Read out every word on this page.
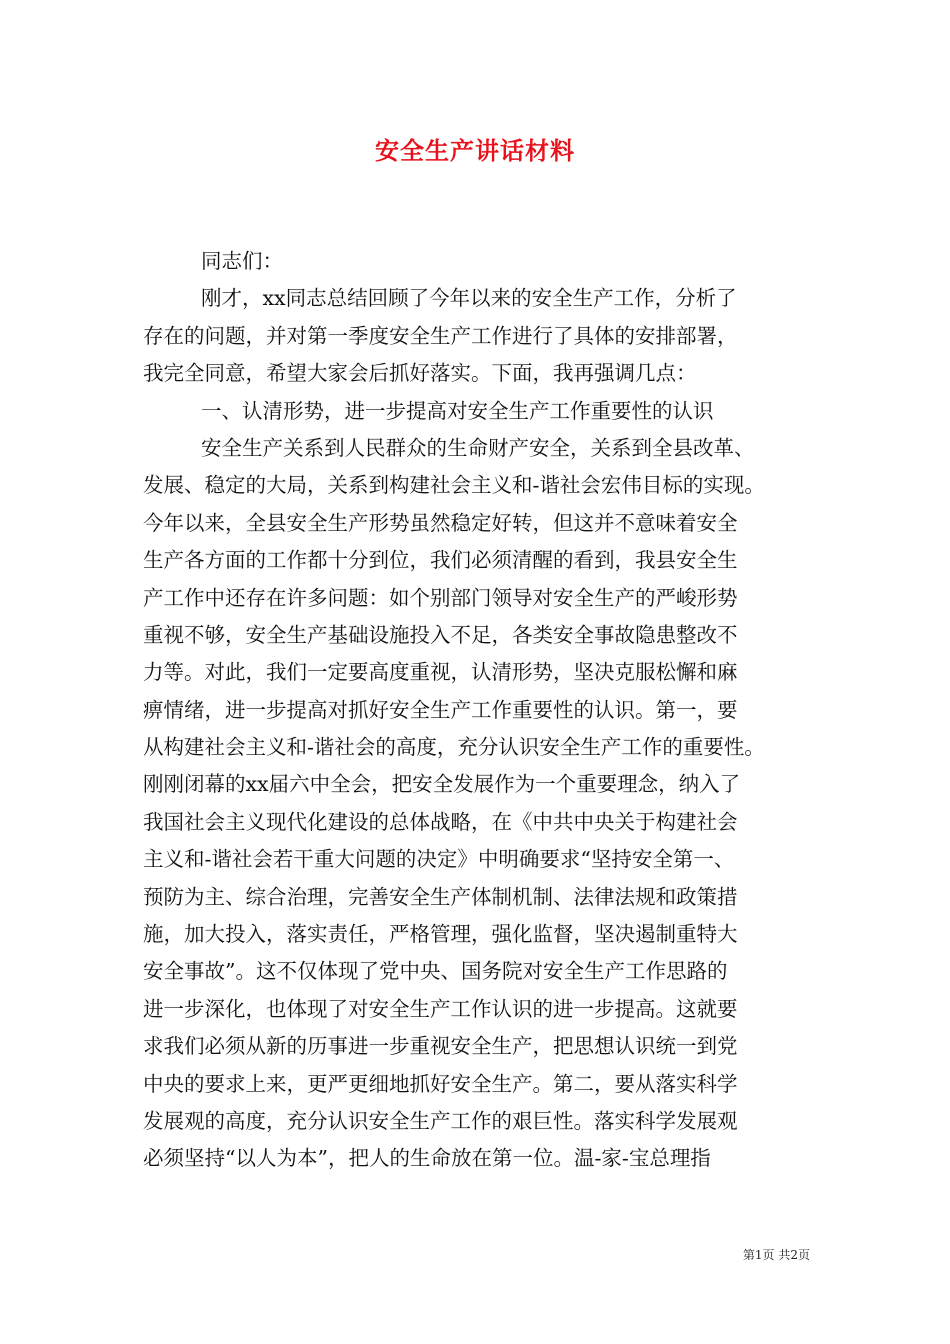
安全生产讲话材料
同志们：
刚才，xx同志总结回顾了今年以来的安全生产工作，分析了
存在的问题，并对第一季度安全生产工作进行了具体的安排部署，
我完全同意，希望大家会后抓好落实。下面，我再强调几点：
一、认清形势，进一步提高对安全生产工作重要性的认识
安全生产关系到人民群众的生命财产安全，关系到全县改革、
发展、稳定的大局，关系到构建社会主义和-谐社会宏伟目标的实现。
今年以来，全县安全生产形势虽然稳定好转，但这并不意味着安全
生产各方面的工作都十分到位，我们必须清醒的看到，我县安全生
产工作中还存在许多问题：如个别部门领导对安全生产的严峻形势
重视不够，安全生产基础设施投入不足，各类安全事故隐患整改不
力等。对此，我们一定要高度重视，认清形势，坚决克服松懈和麻
痹情绪，进一步提高对抓好安全生产工作重要性的认识。第一，要
从构建社会主义和-谐社会的高度，充分认识安全生产工作的重要性。
刚刚闭幕的xx届六中全会，把安全发展作为一个重要理念，纳入了
我国社会主义现代化建设的总体战略，在《中共中央关于构建社会
主义和-谐社会若干重大问题的决定》中明确要求“坚持安全第一、
预防为主、综合治理，完善安全生产体制机制、法律法规和政策措
施，加大投入，落实责任，严格管理，强化监督，坚决遏制重特大
安全事故”。这不仅体现了党中央、国务院对安全生产工作思路的
进一步深化，也体现了对安全生产工作认识的进一步提高。这就要
求我们必须从新的历事进一步重视安全生产，把思想认识统一到党
中央的要求上来，更严更细地抓好安全生产。第二，要从落实科学
发展观的高度，充分认识安全生产工作的艰巨性。落实科学发展观
必须坚持“以人为本”，把人的生命放在第一位。温-家-宝总理指
第1页 共2页
